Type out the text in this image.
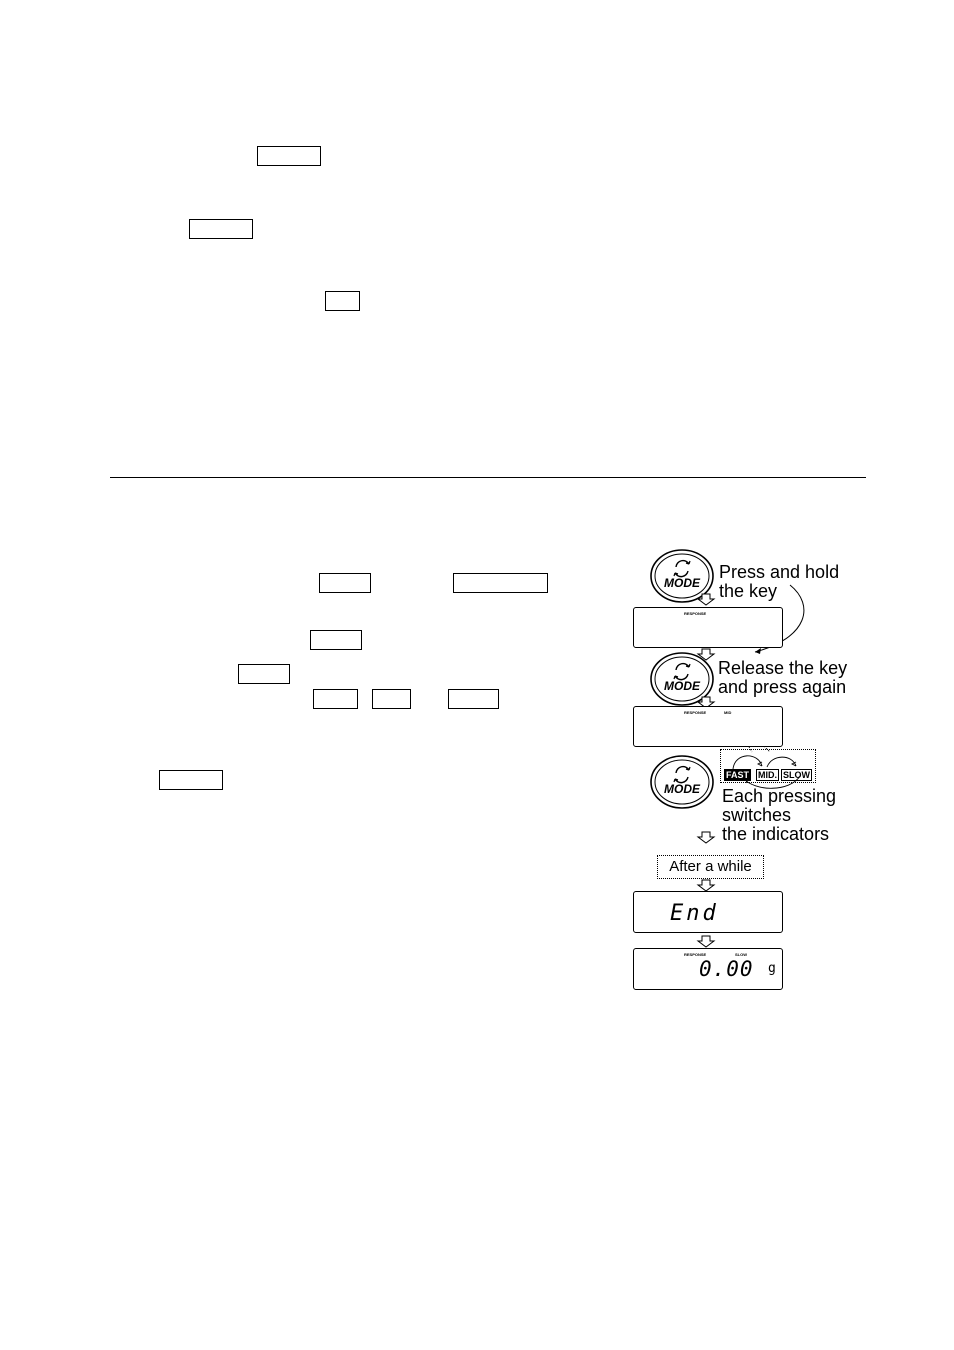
MODE
MODE
MODE
Press and hold
the key
RESPONSE
Release the key
and press again
RESPONSE	MID
FAST MID. SLOW
Each pressing
switches
the indicators
After a while
End
RESPONSE	SLOW
0.00 g
